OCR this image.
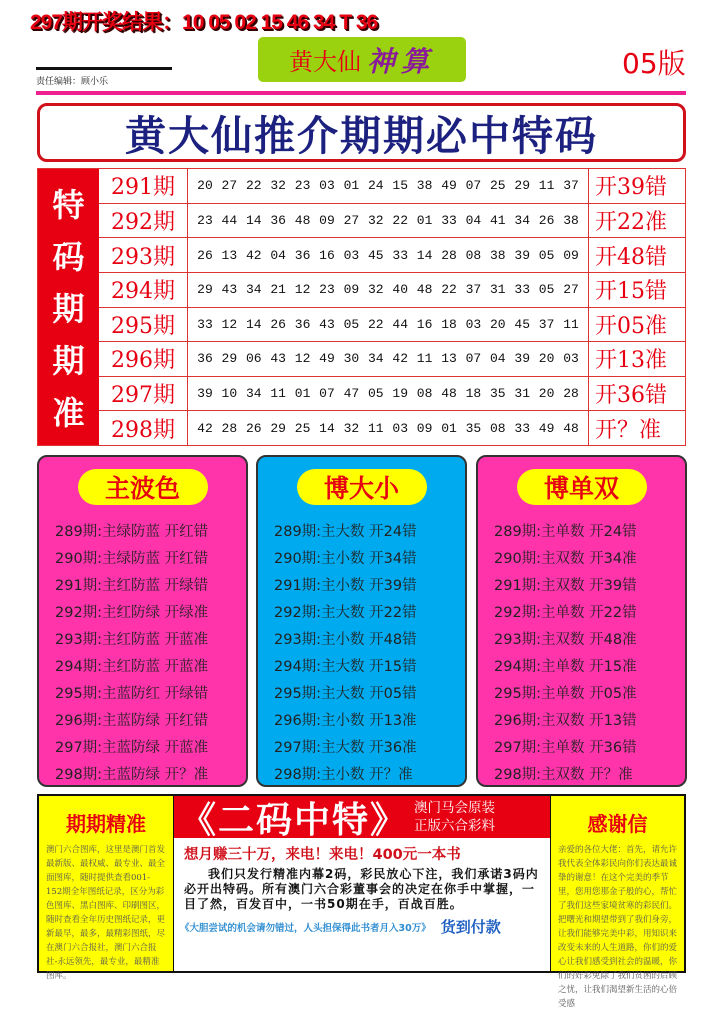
297期开奖结果：10 05 02 15 46 34 T 36
黄大仙 神算	05版
责任编辑：顾小乐
黄大仙推介期期必中特码
特
码
期
期
准
291期	20 27 22 32 23 03 01 24 15 38 49 07 25 29 11 37 开39错
292期	23 44 14 36 48 09 27 32 22 01 33 04 41 34 26 38 开22准
293期	26 13 42 04 36 16 03 45 33 14 28 08 38 39 05 09 开48错
294期	29 43 34 21 12 23 09 32 40 48 22 37 31 33 05 27 开15错
295期	33 12 14 26 36 43 05 22 44 16 18 03 20 45 37 11 开05准
296期	36 29 06 43 12 49 30 34 42 11 13 07 04 39 20 03 开13准
297期	39 10 34 11 01 07 47 05 19 08 48 18 35 31 20 28 开36错
298期	42 28 26 29 25 14 32 11 03 09 01 35 08 33 49 48 开？准
主波色
289期:主绿防蓝 开红错
290期:主绿防蓝 开红错
291期:主红防蓝 开绿错
292期:主红防绿 开绿准
293期:主红防蓝 开蓝准
294期:主红防蓝 开蓝准
295期:主蓝防红 开绿错
296期:主蓝防绿 开红错
297期:主蓝防绿 开蓝准
298期:主蓝防绿 开？准
博大小
289期:主大数 开24错
290期:主小数 开34错
291期:主小数 开39错
292期:主大数 开22错
293期:主小数 开48错
294期:主大数 开15错
295期:主大数 开05错
296期:主小数 开13准
297期:主大数 开36准
298期:主小数 开？准
博单双
289期:主单数 开24错
290期:主双数 开34准
291期:主双数 开39错
292期:主单数 开22错
293期:主双数 开48准
294期:主单数 开15准
295期:主单数 开05准
296期:主双数 开13错
297期:主单数 开36错
298期:主双数 开？准
期期精准

澳门六合图库，这里是澳门首发最新版、最权威、最专业、最全面图库，随时提供查看001-152期全年图纸记录，区分为彩色图库、黑白图库、印刷图区，随时查看全年历史图纸记录，更新最早，最多，最精彩图纸，尽在澳门六合报社，澳门六合报社-永远领先，最专业，最精准图库。

《二码中特》 澳门马会原装
正版六合彩料
想月赚三十万，来电！来电！400元一本书
我们只发行精准内幕2码，彩民放心下注，我们承诺3码内必开出特码。所有澳门六合彩董事会的决定在你手中掌握，一目了然，百发百中，一书50期在手，百战百胜。
《大胆尝试的机会请勿错过，人头担保得此书者月入30万》 货到付款
感谢信

亲爱的各位大佬：首先，请允许我代表全体彩民向你们表达最诚挚的谢意！在这个完美的季节里，您用您那金子般的心，帮忙了我们这些家境贫寒的彩民们。把曙光和期望带到了我们身旁，让我们能够完美中彩，用知识来改变未来的人生道路，你们的爱心让我们感受到社会的温暖，你们的好彩免除了我们贫困的后顾之忧，让我们渴望新生活的心倍受感
